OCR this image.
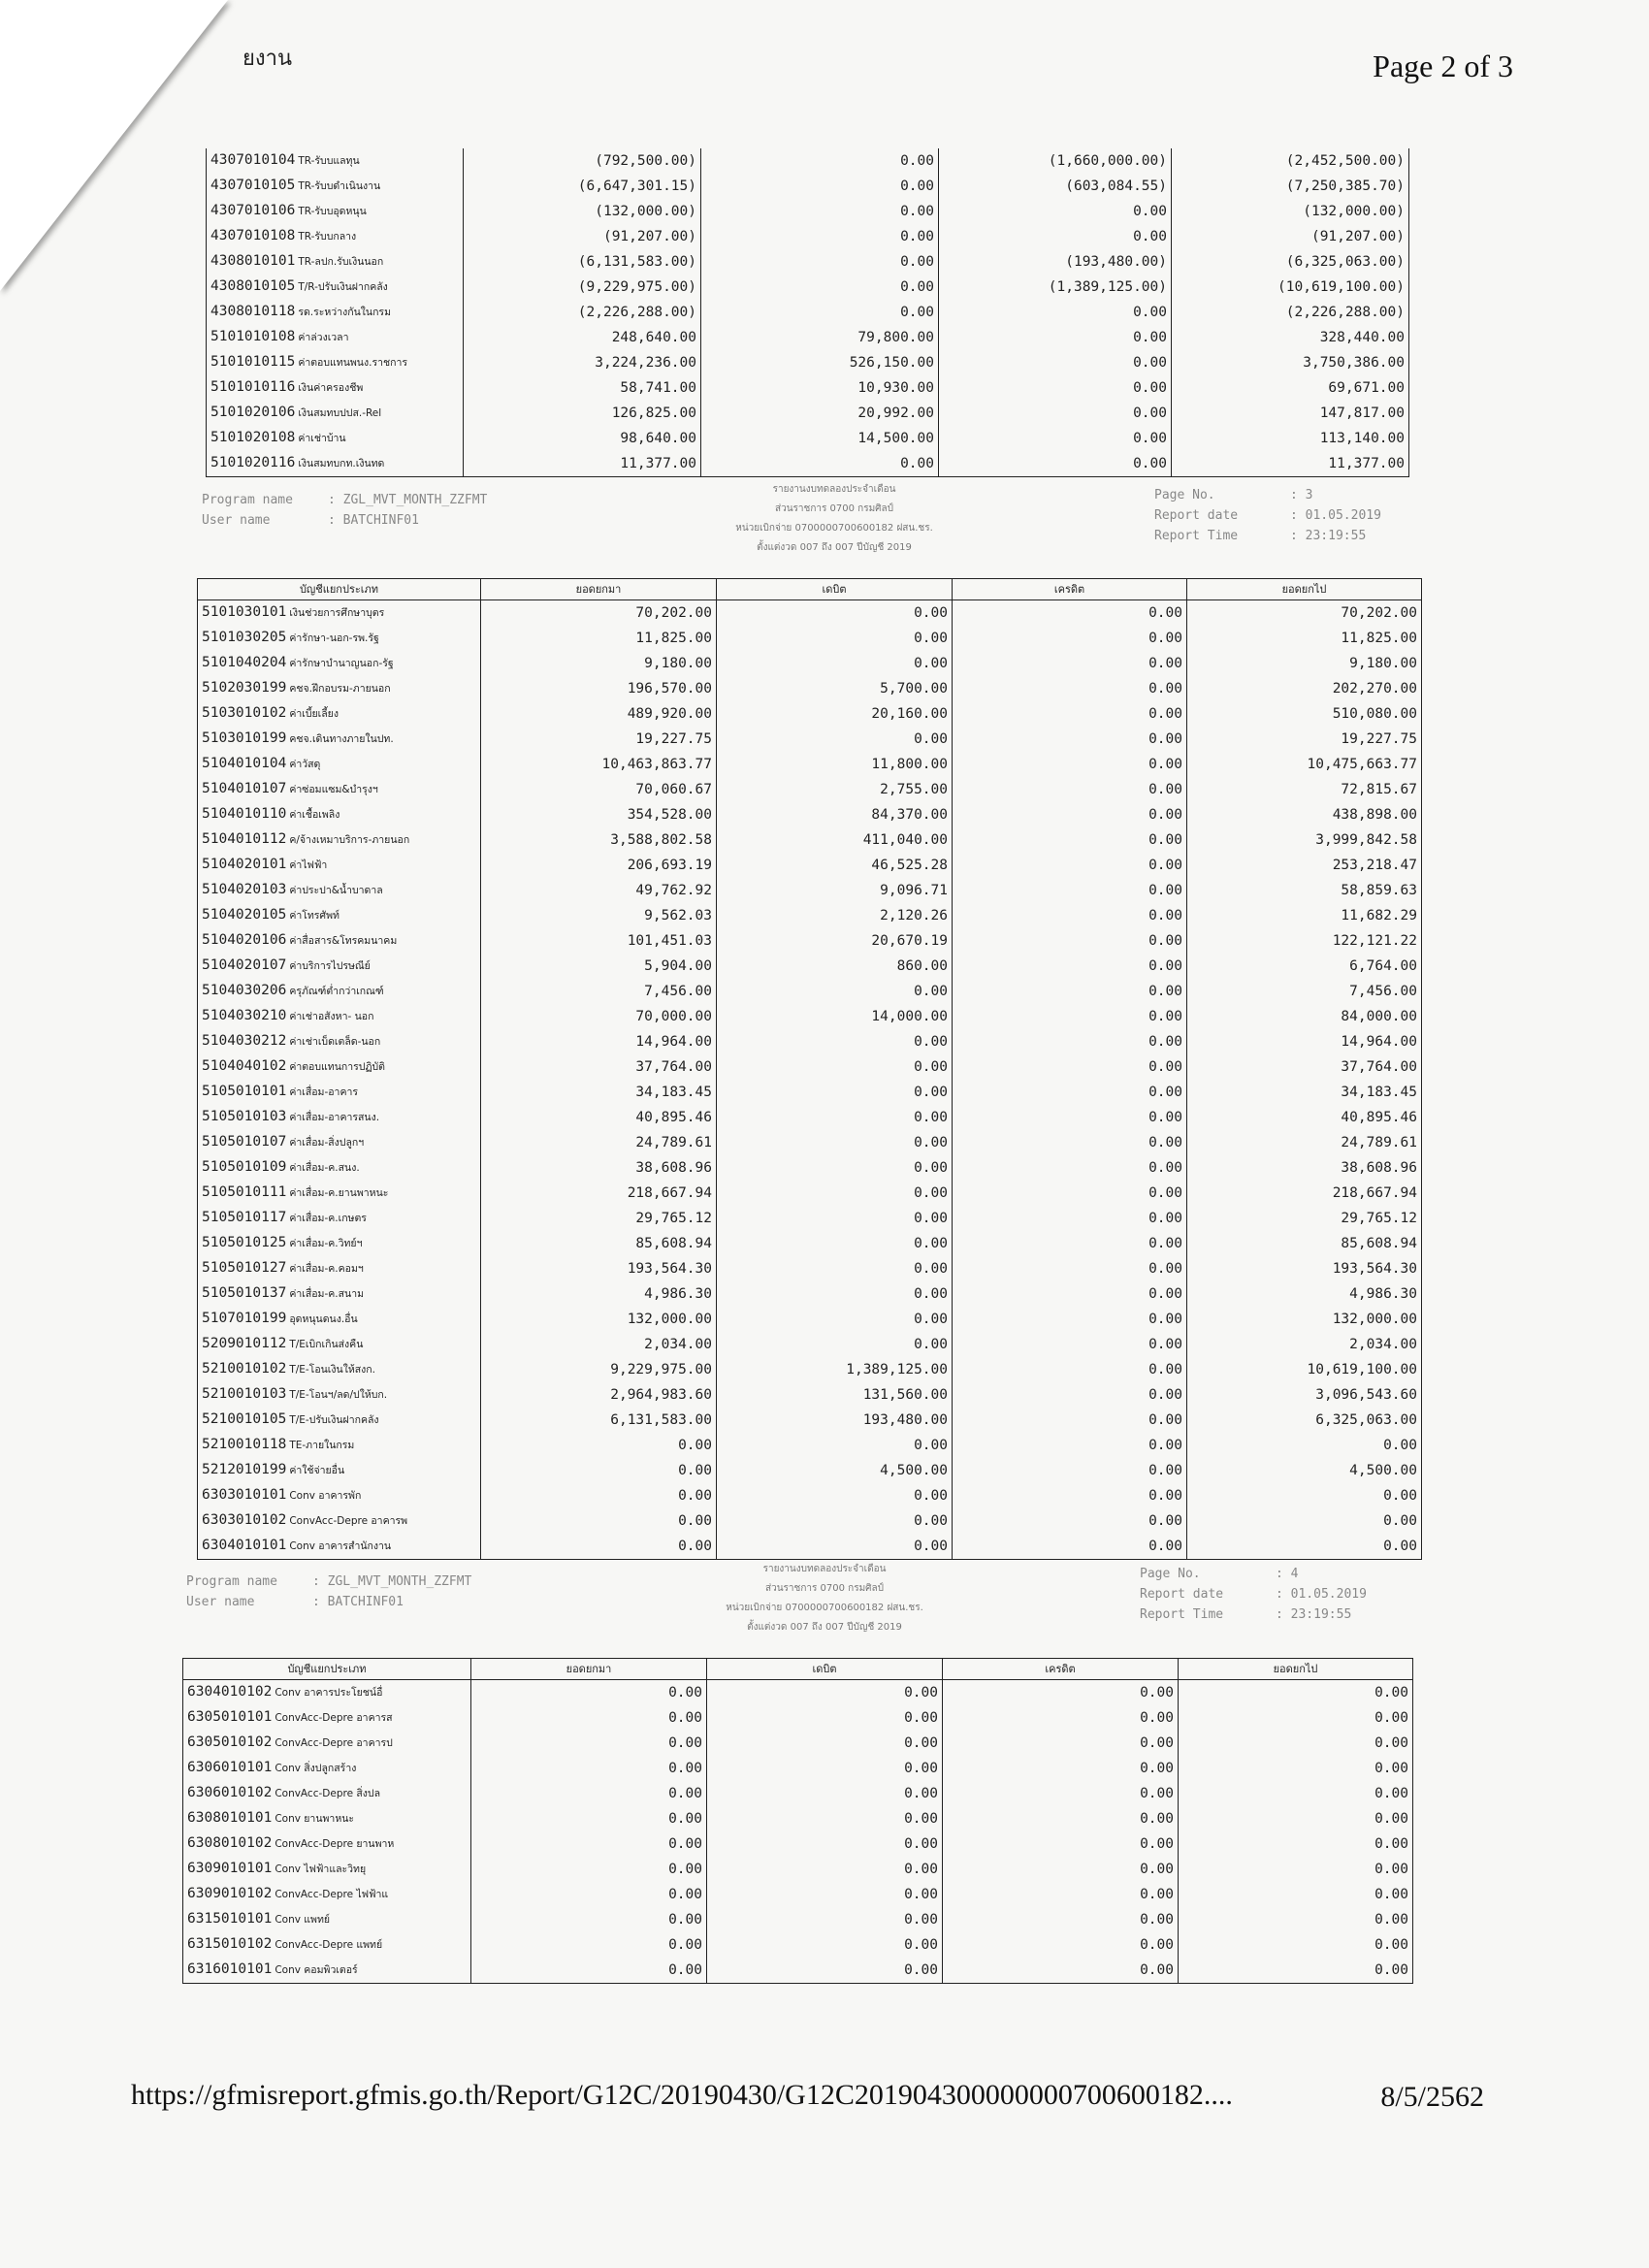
ยงาน	Page 2 of 3
4307010104 TR-รับบแลทุน	(792,500.00)	0.00	(1,660,000.00)	(2,452,500.00)
4307010105 TR-รับบดำเนินงาน	(6,647,301.15)	0.00	(603,084.55)	(7,250,385.70)
4307010106 TR-รับบอุดหนุน	(132,000.00)	0.00	0.00	(132,000.00)
4307010108 TR-รับบกลาง	(91,207.00)	0.00	0.00	(91,207.00)
4308010101 TR-ลปก.รับเงินนอก	(6,131,583.00)	0.00	(193,480.00)	(6,325,063.00)
4308010105 T/R-ปรับเงินฝากคลัง	(9,229,975.00)	0.00	(1,389,125.00)	(10,619,100.00)
4308010118 รด.ระหว่างกันในกรม	(2,226,288.00)	0.00	0.00	(2,226,288.00)
5101010108 ค่าล่วงเวลา	248,640.00	79,800.00	0.00	328,440.00
5101010115 ค่าตอบแทนพนง.ราชการ	3,224,236.00	526,150.00	0.00	3,750,386.00
5101010116 เงินค่าครองชีพ	58,741.00	10,930.00	0.00	69,671.00
5101020106 เงินสมทบปปส.-Rel	126,825.00	20,992.00	0.00	147,817.00
5101020108 ค่าเช่าบ้าน	98,640.00	14,500.00	0.00	113,140.00
5101020116 เงินสมทบกท.เงินทด	11,377.00	0.00	0.00	11,377.00
Program name	: ZGL_MVT_MONTH_ZZFMT
User name	: BATCHINF01
รายงานงบทดลองประจำเดือน
ส่วนราชการ 0700 กรมศิลป์
หน่วยเบิกจ่าย 0700000700600182 ฝสน.ชร.
ตั้งแต่งวด 007 ถึง 007 ปีบัญชี 2019
Page No.	: 3
Report date	: 01.05.2019
Report Time	: 23:19:55
บัญชีแยกประเภท	ยอดยกมา	เดบิต	เครดิต	ยอดยกไป
5101030101 เงินช่วยการศึกษาบุตร	70,202.00	0.00	0.00	70,202.00
5101030205 ค่ารักษา-นอก-รพ.รัฐ	11,825.00	0.00	0.00	11,825.00
5101040204 ค่ารักษาบำนาญนอก-รัฐ	9,180.00	0.00	0.00	9,180.00
5102030199 คชจ.ฝึกอบรม-ภายนอก	196,570.00	5,700.00	0.00	202,270.00
5103010102 ค่าเบี้ยเลี้ยง	489,920.00	20,160.00	0.00	510,080.00
5103010199 คชจ.เดินทางภายในปท.	19,227.75	0.00	0.00	19,227.75
5104010104 ค่าวัสดุ	10,463,863.77	11,800.00	0.00	10,475,663.77
5104010107 ค่าซ่อมแซม&บำรุงฯ	70,060.67	2,755.00	0.00	72,815.67
5104010110 ค่าเชื้อเพลิง	354,528.00	84,370.00	0.00	438,898.00
5104010112 ค/จ้างเหมาบริการ-ภายนอก	3,588,802.58	411,040.00	0.00	3,999,842.58
5104020101 ค่าไฟฟ้า	206,693.19	46,525.28	0.00	253,218.47
5104020103 ค่าประปา&น้ำบาดาล	49,762.92	9,096.71	0.00	58,859.63
5104020105 ค่าโทรศัพท์	9,562.03	2,120.26	0.00	11,682.29
5104020106 ค่าสื่อสาร&โทรคมนาคม	101,451.03	20,670.19	0.00	122,121.22
5104020107 ค่าบริการไปรษณีย์	5,904.00	860.00	0.00	6,764.00
5104030206 ครุภัณฑ์ต่ำกว่าเกณฑ์	7,456.00	0.00	0.00	7,456.00
5104030210 ค่าเช่าอสังหา- นอก	70,000.00	14,000.00	0.00	84,000.00
5104030212 ค่าเช่าเบ็ดเตล็ด-นอก	14,964.00	0.00	0.00	14,964.00
5104040102 ค่าตอบแทนการปฏิบัติ	37,764.00	0.00	0.00	37,764.00
5105010101 ค่าเสื่อม-อาคาร	34,183.45	0.00	0.00	34,183.45
5105010103 ค่าเสื่อม-อาคารสนง.	40,895.46	0.00	0.00	40,895.46
5105010107 ค่าเสื่อม-สิ่งปลูกฯ	24,789.61	0.00	0.00	24,789.61
5105010109 ค่าเสื่อม-ค.สนง.	38,608.96	0.00	0.00	38,608.96
5105010111 ค่าเสื่อม-ค.ยานพาหนะ	218,667.94	0.00	0.00	218,667.94
5105010117 ค่าเสื่อม-ค.เกษตร	29,765.12	0.00	0.00	29,765.12
5105010125 ค่าเสื่อม-ค.วิทย์ฯ	85,608.94	0.00	0.00	85,608.94
5105010127 ค่าเสื่อม-ค.คอมฯ	193,564.30	0.00	0.00	193,564.30
5105010137 ค่าเสื่อม-ค.สนาม	4,986.30	0.00	0.00	4,986.30
5107010199 อุดหนุนดนง.อื่น	132,000.00	0.00	0.00	132,000.00
5209010112 T/Eเบิกเกินส่งคืน	2,034.00	0.00	0.00	2,034.00
5210010102 T/E-โอนเงินให้สงก.	9,229,975.00	1,389,125.00	0.00	10,619,100.00
5210010103 T/E-โอนฯ/ลด/ปให้บก.	2,964,983.60	131,560.00	0.00	3,096,543.60
5210010105 T/E-ปรับเงินฝากคลัง	6,131,583.00	193,480.00	0.00	6,325,063.00
5210010118 TE-ภายในกรม	0.00	0.00	0.00	0.00
5212010199 ค่าใช้จ่ายอื่น	0.00	4,500.00	0.00	4,500.00
6303010101 Conv อาคารพัก	0.00	0.00	0.00	0.00
6303010102 ConvAcc-Depre อาคารพ	0.00	0.00	0.00	0.00
6304010101 Conv อาคารสำนักงาน	0.00	0.00	0.00	0.00
Program name	: ZGL_MVT_MONTH_ZZFMT
User name	: BATCHINF01
รายงานงบทดลองประจำเดือน
ส่วนราชการ 0700 กรมศิลป์
หน่วยเบิกจ่าย 0700000700600182 ฝสน.ชร.
ตั้งแต่งวด 007 ถึง 007 ปีบัญชี 2019
Page No.	: 4
Report date	: 01.05.2019
Report Time	: 23:19:55
บัญชีแยกประเภท	ยอดยกมา	เดบิต	เครดิต	ยอดยกไป
6304010102 Conv อาคารประโยชน์อื่	0.00	0.00	0.00	0.00
6305010101 ConvAcc-Depre อาคารส	0.00	0.00	0.00	0.00
6305010102 ConvAcc-Depre อาคารป	0.00	0.00	0.00	0.00
6306010101 Conv สิ่งปลูกสร้าง	0.00	0.00	0.00	0.00
6306010102 ConvAcc-Depre สิ่งปล	0.00	0.00	0.00	0.00
6308010101 Conv ยานพาหนะ	0.00	0.00	0.00	0.00
6308010102 ConvAcc-Depre ยานพาห	0.00	0.00	0.00	0.00
6309010101 Conv ไฟฟ้าและวิทยุ	0.00	0.00	0.00	0.00
6309010102 ConvAcc-Depre ไฟฟ้าแ	0.00	0.00	0.00	0.00
6315010101 Conv แพทย์	0.00	0.00	0.00	0.00
6315010102 ConvAcc-Depre แพทย์	0.00	0.00	0.00	0.00
6316010101 Conv คอมพิวเตอร์	0.00	0.00	0.00	0.00
https://gfmisreport.gfmis.go.th/Report/G12C/20190430/G12C201904300000000700600182....	8/5/2562
